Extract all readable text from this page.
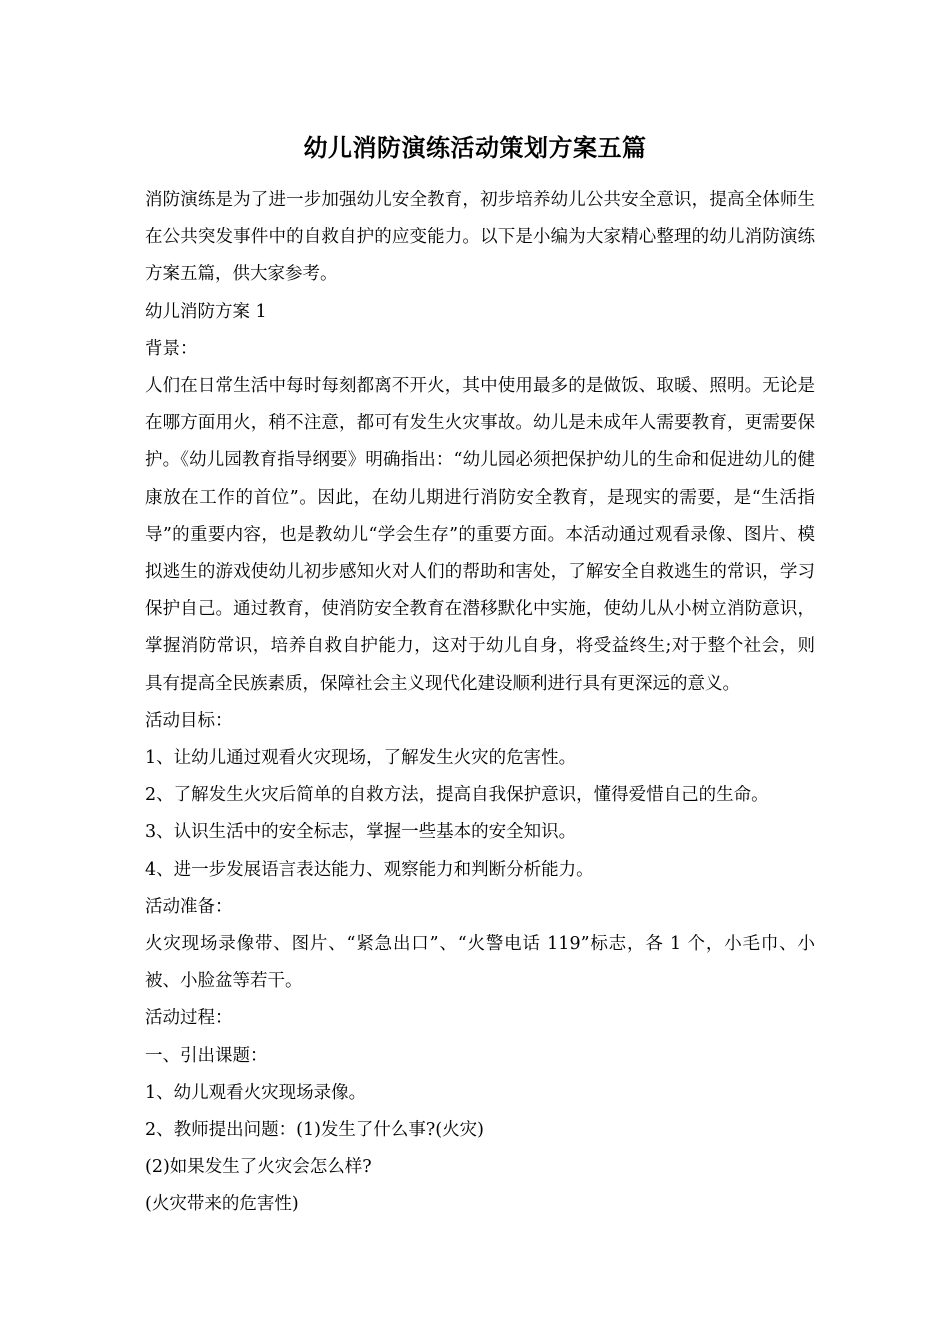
幼儿消防演练活动策划方案五篇

消防演练是为了进一步加强幼儿安全教育，初步培养幼儿公共安全意识，提高全体师生在公共突发事件中的自救自护的应变能力。以下是小编为大家精心整理的幼儿消防演练方案五篇，供大家参考。

幼儿消防方案 1

背景：

人们在日常生活中每时每刻都离不开火，其中使用最多的是做饭、取暖、照明。无论是在哪方面用火，稍不注意，都可有发生火灾事故。幼儿是未成年人需要教育，更需要保护。《幼儿园教育指导纲要》明确指出：“幼儿园必须把保护幼儿的生命和促进幼儿的健康放在工作的首位”。因此，在幼儿期进行消防安全教育，是现实的需要，是“生活指导”的重要内容，也是教幼儿“学会生存”的重要方面。本活动通过观看录像、图片、模拟逃生的游戏使幼儿初步感知火对人们的帮助和害处，了解安全自救逃生的常识，学习保护自己。通过教育，使消防安全教育在潜移默化中实施，使幼儿从小树立消防意识，掌握消防常识，培养自救自护能力，这对于幼儿自身，将受益终生;对于整个社会，则具有提高全民族素质，保障社会主义现代化建设顺利进行具有更深远的意义。

活动目标：

1、让幼儿通过观看火灾现场，了解发生火灾的危害性。

2、了解发生火灾后简单的自救方法，提高自我保护意识，懂得爱惜自己的生命。

3、认识生活中的安全标志，掌握一些基本的安全知识。

4、进一步发展语言表达能力、观察能力和判断分析能力。

活动准备：

火灾现场录像带、图片、“紧急出口”、“火警电话 119”标志，各 1 个，小毛巾、小被、小脸盆等若干。

活动过程：

一、引出课题：

1、幼儿观看火灾现场录像。

2、教师提出问题：(1)发生了什么事?(火灾)

(2)如果发生了火灾会怎么样?

(火灾带来的危害性)
